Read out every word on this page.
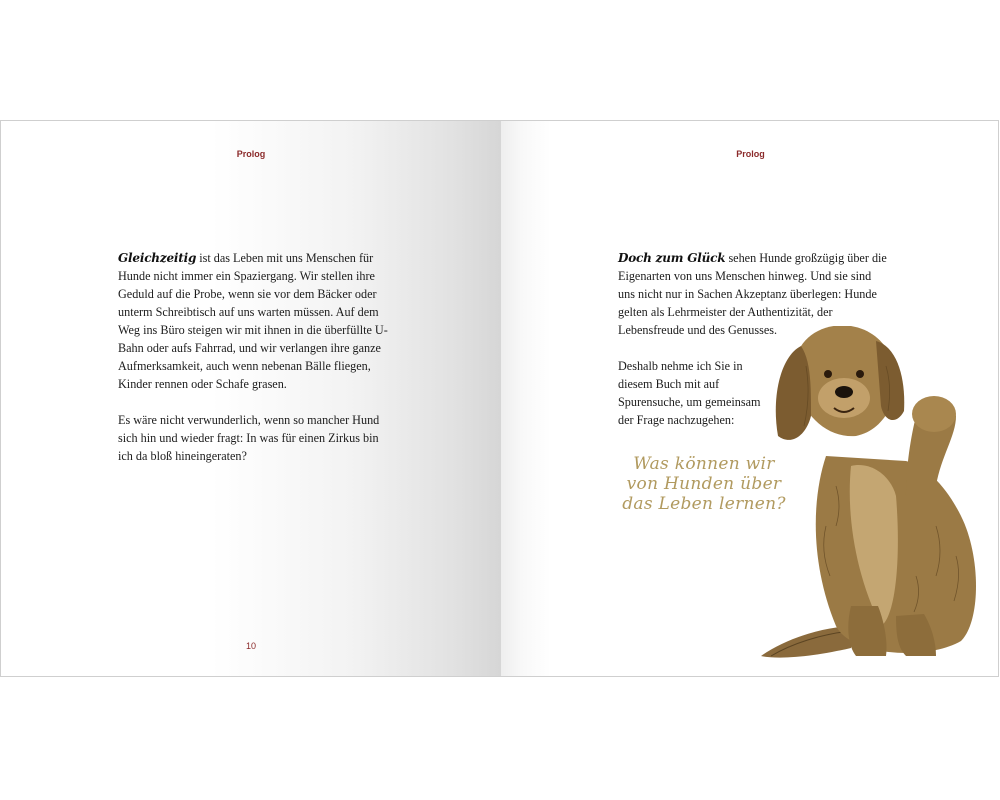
Prolog

Gleichzeitig ist das Leben mit uns Menschen für Hunde nicht immer ein Spaziergang. Wir stellen ihre Geduld auf die Probe, wenn sie vor dem Bäcker oder unterm Schreibtisch auf uns warten müssen. Auf dem Weg ins Büro steigen wir mit ihnen in die überfüllte U-Bahn oder aufs Fahrrad, und wir verlangen ihre ganze Aufmerksamkeit, auch wenn nebenan Bälle fliegen, Kinder rennen oder Schafe grasen.

Es wäre nicht verwunderlich, wenn so mancher Hund sich hin und wieder fragt: In was für einen Zirkus bin ich da bloß hineingeraten?

10
Prolog

Doch zum Glück sehen Hunde großzügig über die Eigenarten von uns Menschen hinweg. Und sie sind uns nicht nur in Sachen Akzeptanz überlegen: Hunde gelten als Lehrmeister der Authentizität, der Lebensfreude und des Genusses.

Deshalb nehme ich Sie in diesem Buch mit auf Spurensuche, um gemeinsam der Frage nachzugehen:

Was können wir von Hunden über das Leben lernen?
